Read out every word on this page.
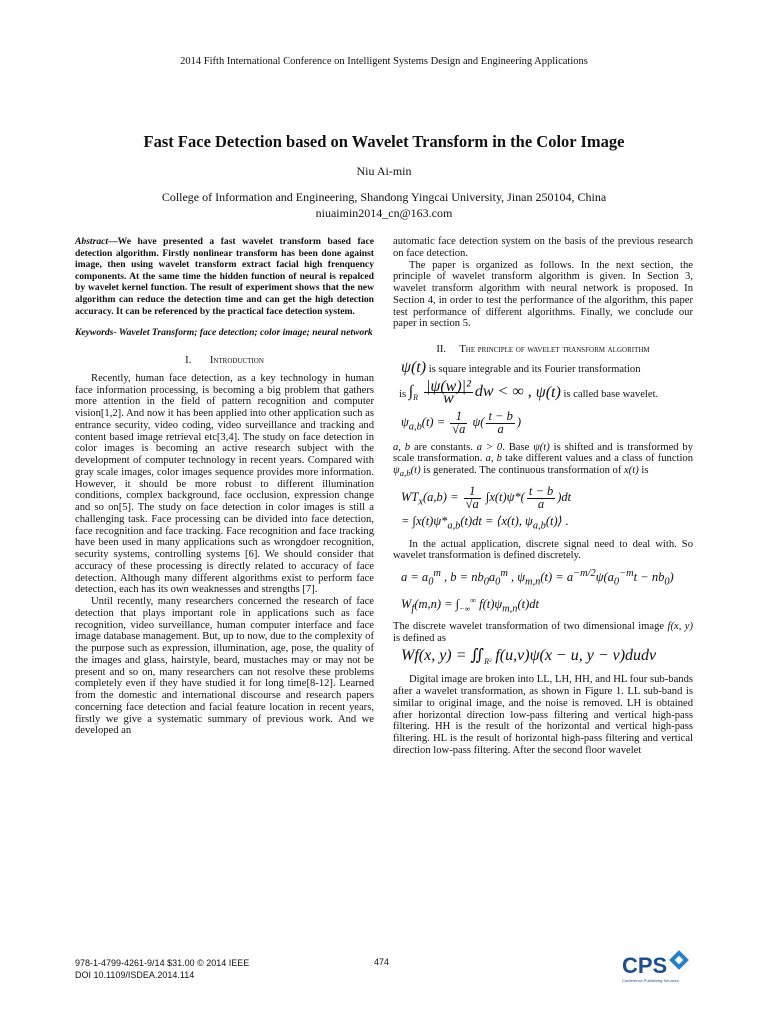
2014 Fifth International Conference on Intelligent Systems Design and Engineering Applications
Fast Face Detection based on Wavelet Transform in the Color Image
Niu Ai-min
College of Information and Engineering, Shandong Yingcai University, Jinan 250104, China
niuaimin2014_cn@163.com

Abstract—We have presented a fast wavelet transform based face detection algorithm. Firstly nonlinear transform has been done against image, then using wavelet transform extract facial high frenquency components. At the same time the hidden function of neural is repalced by wavelet kernel function. The result of experiment shows that the new algorithm can reduce the detection time and can get the high detection accuracy. It can be referenced by the practical face detection system.

Keywords- Wavelet Transform; face detection; color image; neural network

I. Introduction

Recently, human face detection, as a key technology in human face information processing, is becoming a big problem that gathers more attention in the field of pattern recognition and computer vision[1,2]. And now it has been applied into other application such as entrance security, video coding, video surveillance and tracking and content based image retrieval etc[3,4]. The study on face detection in color images is becoming an active research subject with the development of computer technology in recent years. Compared with gray scale images, color images sequence provides more information. However, it should be more robust to different illumination conditions, complex background, face occlusion, expression change and so on[5]. The study on face detection in color images is still a challenging task. Face processing can be divided into face detection, face recognition and face tracking. Face recognition and face tracking have been used in many applications such as wrongdoer recognition, security systems, controlling systems [6]. We should consider that accuracy of these processing is directly related to accuracy of face detection. Although many different algorithms exist to perform face detection, each has its own weaknesses and strengths [7].

Until recently, many researchers concerned the research of face detection that plays important role in applications such as face recognition, video surveillance, human computer interface and face image database management. But, up to now, due to the complexity of the purpose such as expression, illumination, age, pose, the quality of the images and glass, hairstyle, beard, mustaches may or may not be present and so on, many researchers can not resolve these problems completely even if they have studied it for long time[8-12]. Learned from the domestic and international discourse and research papers concerning face detection and facial feature location in recent years, firstly we give a systematic summary of previous work. And we developed an

automatic face detection system on the basis of the previous research on face detection.

The paper is organized as follows. In the next section, the principle of wavelet transform algorithm is given. In Section 3, wavelet transform algorithm with neural network is proposed. In Section 4, in order to test the performance of the algorithm, this paper test performance of different algorithms. Finally, we conclude our paper in section 5.

II. The principle of wavelet transform algorithm
ψ(t) is square integrable and its Fourier transformation
is $\int_R \frac{\text{|ψ(w)|²}}{w}$ dw < ∞ , ψ(t) is called base wavelet.
$\psi_{a,b}(t) = \frac{1}{√a} \psi( \frac{t - b}{a}$ )

a, b are constants. a > 0. Base ψ(t) is shifted and is transformed by scale transformation. a, b take different values and a class of function $\psi_{a,b}(t)$ is generated. The continuous transformation of x(t) is

$WT_x(a,b) = \frac{1}{√a} \int x(t)\psi*( \frac{t - b}{a} )dt$
= $\int x(t)\psi*_{a,b}(t)dt$ = ⟨x(t), $\psi_{a,b}(t)⟩$ .

In the actual application, discrete signal need to deal with. So wavelet transformation is defined discretely.

$a = a_0^m$ , $b = nb_0a_0^m$ , $\psi_{m,n}(t) = a^{-m/2}\psi(a_0^{-m}t - nb_0)$
$W_f(m,n) = \int_{-\infty}^\infty$ $f(t)\psi_{m,n}(t)dt$

The discrete wavelet transformation of two dimensional image f(x, y) is defined as

Wf(x, $y) = ∬_{R^2}$ f(u,v)ψ(x − u, y − v)dudv

Digital image are broken into LL, LH, HH, and HL four sub-bands after a wavelet transformation, as shown in Figure 1. LL sub-band is similar to original image, and the noise is removed. LH is obtained after horizontal direction low-pass filtering and vertical high-pass filtering. HH is the result of the horizontal and vertical high-pass filtering. HL is the result of horizontal high-pass filtering and vertical direction low-pass filtering. After the second floor wavelet

978-1-4799-4261-9/14 $31.00 © 2014 IEEE
DOI 10.1109/ISDEA.2014.114
474	CPS
Conference Publishing Services
